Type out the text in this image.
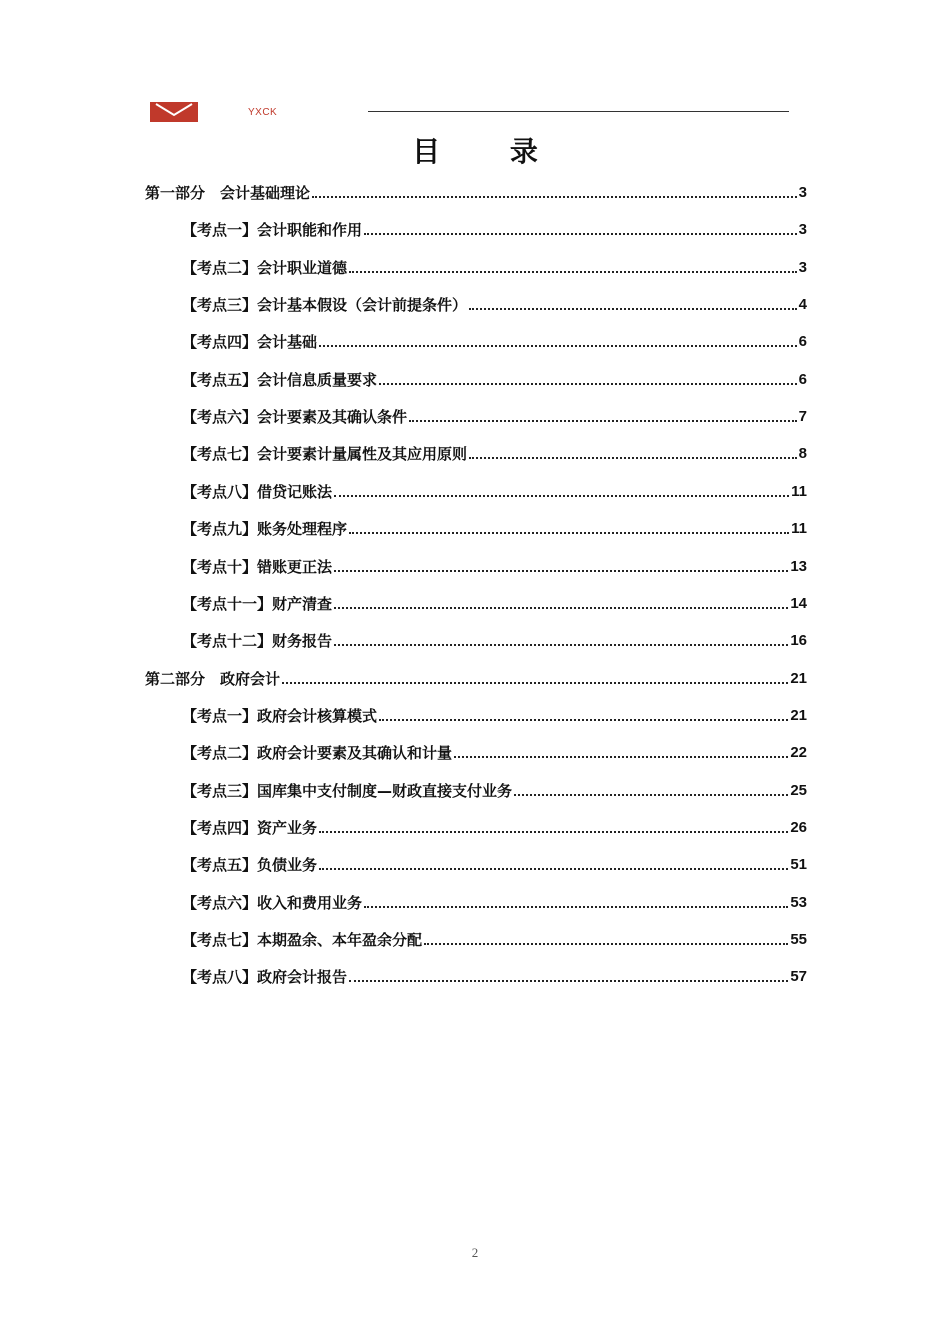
YXCK
目 录
第一部分　会计基础理论	3
【考点一】会计职能和作用	3
【考点二】会计职业道德	3
【考点三】会计基本假设（会计前提条件）	4
【考点四】会计基础	6
【考点五】会计信息质量要求	6
【考点六】会计要素及其确认条件	7
【考点七】会计要素计量属性及其应用原则	8
【考点八】借贷记账法	11
【考点九】账务处理程序	11
【考点十】错账更正法	13
【考点十一】财产清查	14
【考点十二】财务报告	16
第二部分　政府会计	21
【考点一】政府会计核算模式	21
【考点二】政府会计要素及其确认和计量	22
【考点三】国库集中支付制度—财政直接支付业务	25
【考点四】资产业务	26
【考点五】负债业务	51
【考点六】收入和费用业务	53
【考点七】本期盈余、本年盈余分配	55
【考点八】政府会计报告	57
2
